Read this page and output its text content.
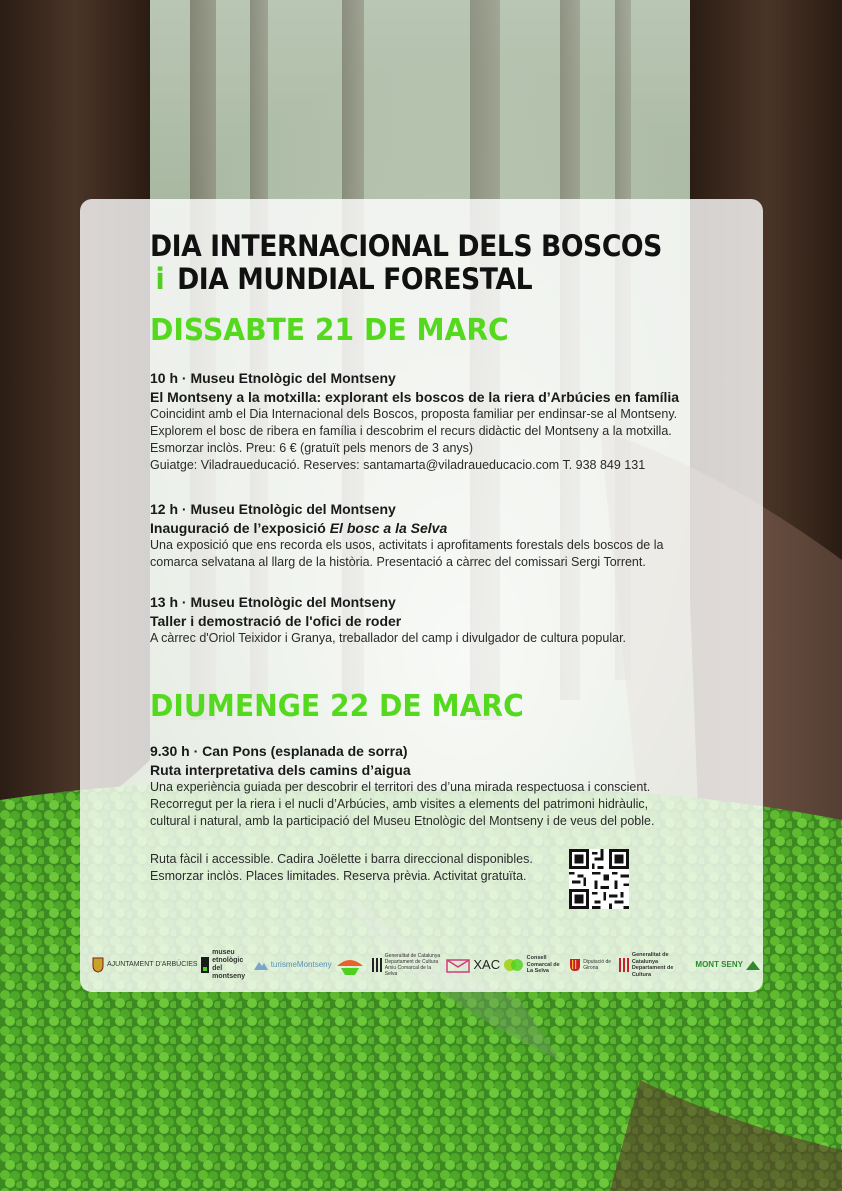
DIA INTERNACIONAL DELS BOSCOS
i DIA MUNDIAL FORESTAL
DISSABTE 21 DE MARC
10 h · Museu Etnològic del Montseny
El Montseny a la motxilla: explorant els boscos de la riera d’Arbúcies en família
Coincidint amb el Dia Internacional dels Boscos, proposta familiar per endinsar-se al Montseny.
Explorem el bosc de ribera en família i descobrim el recurs didàctic del Montseny a la motxilla.
Esmorzar inclòs. Preu: 6 € (gratuït pels menors de 3 anys)
Guiatge: Viladraueducació. Reserves: santamarta@viladraueducacio.com T. 938 849 131
12 h · Museu Etnològic del Montseny
Inauguració de l’exposició El bosc a la Selva
Una exposició que ens recorda els usos, activitats i aprofitaments forestals dels boscos de la
comarca selvatana al llarg de la història. Presentació a càrrec del comissari Sergi Torrent.
13 h · Museu Etnològic del Montseny
Taller i demostració de l'ofici de roder
A càrrec d'Oriol Teixidor i Granya, treballador del camp i divulgador de cultura popular.
DIUMENGE 22 DE MARC
9.30 h · Can Pons (esplanada de sorra)
Ruta interpretativa dels camins d’aigua
Una experiència guiada per descobrir el territori des d’una mirada respectuosa i conscient.
Recorregut per la riera i el nucli d’Arbúcies, amb visites a elements del patrimoni hidràulic,
cultural i natural, amb la participació del Museu Etnològic del Montseny i de veus del poble.
Ruta fàcil i accessible. Cadira Joëlette i barra direccional disponibles.
Esmorzar inclòs. Places limitades. Reserva prèvia. Activitat gratuïta.
AJUNTAMENT D'ARBÚCIES
museu etnològic del montseny
turismeMontseny
Generalitat de Catalunya Departament de Cultura Arxiu Comarcal de la Selva
XAC	Consell Comarcal de La Selva
Diputació de Girona
Generalitat de Catalunya Departament de Cultura
MONT SENY
